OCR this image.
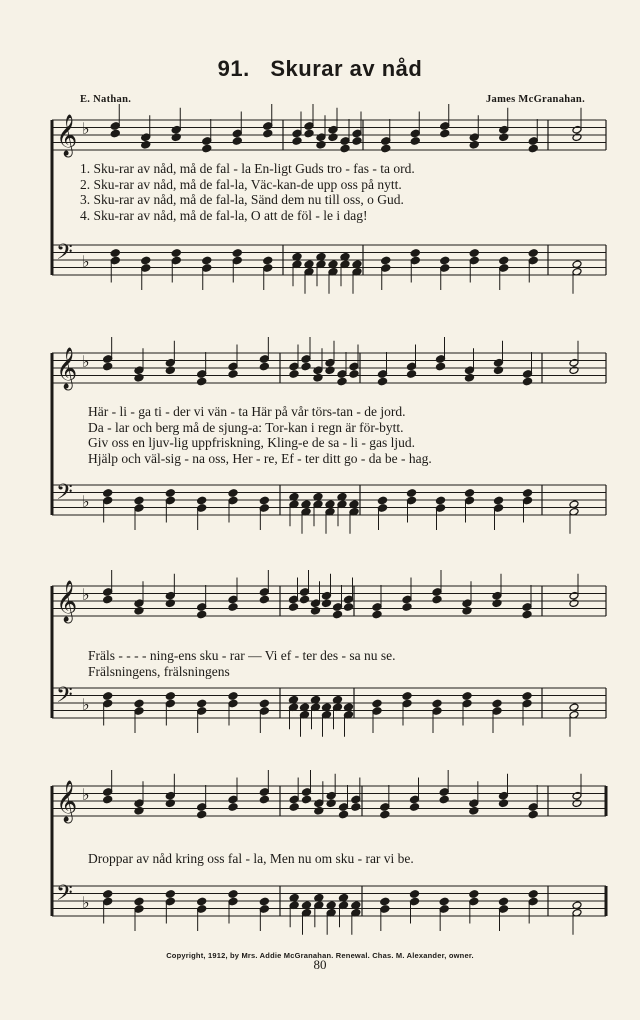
91. Skurar av nåd
E. Nathan.	James McGranahan.
𝄞 ♭
𝄢 ♭
1. Sku-rar av nåd, må de fal - la En-ligt Guds tro - fas - ta ord.
2. Sku-rar av nåd, må de fal-la, Väc-kan-de upp oss på nytt.
3. Sku-rar av nåd, må de fal-la, Sänd dem nu till oss, o Gud.
4. Sku-rar av nåd, må de fal-la, O att de föl - le i dag!
𝄞 ♭
𝄢 ♭
Här - li - ga ti - der vi vän - ta Här på vår törs-tan - de jord.
Da - lar och berg må de sjung-a: Tor-kan i regn är för-bytt.
Giv oss en ljuv-lig uppfriskning, Kling-e de sa - li - gas ljud.
Hjälp och väl-sig - na oss, Her - re, Ef - ter ditt go - da be - hag.
𝄞 ♭
𝄢 ♭
Fräls - - - - ning-ens sku - rar — Vi ef - ter des - sa nu se.
Frälsningens, frälsningens
𝄞 ♭
𝄢 ♭
Droppar av nåd kring oss fal - la, Men nu om sku - rar vi be.
Copyright, 1912, by Mrs. Addie McGranahan. Renewal. Chas. M. Alexander, owner.
80
